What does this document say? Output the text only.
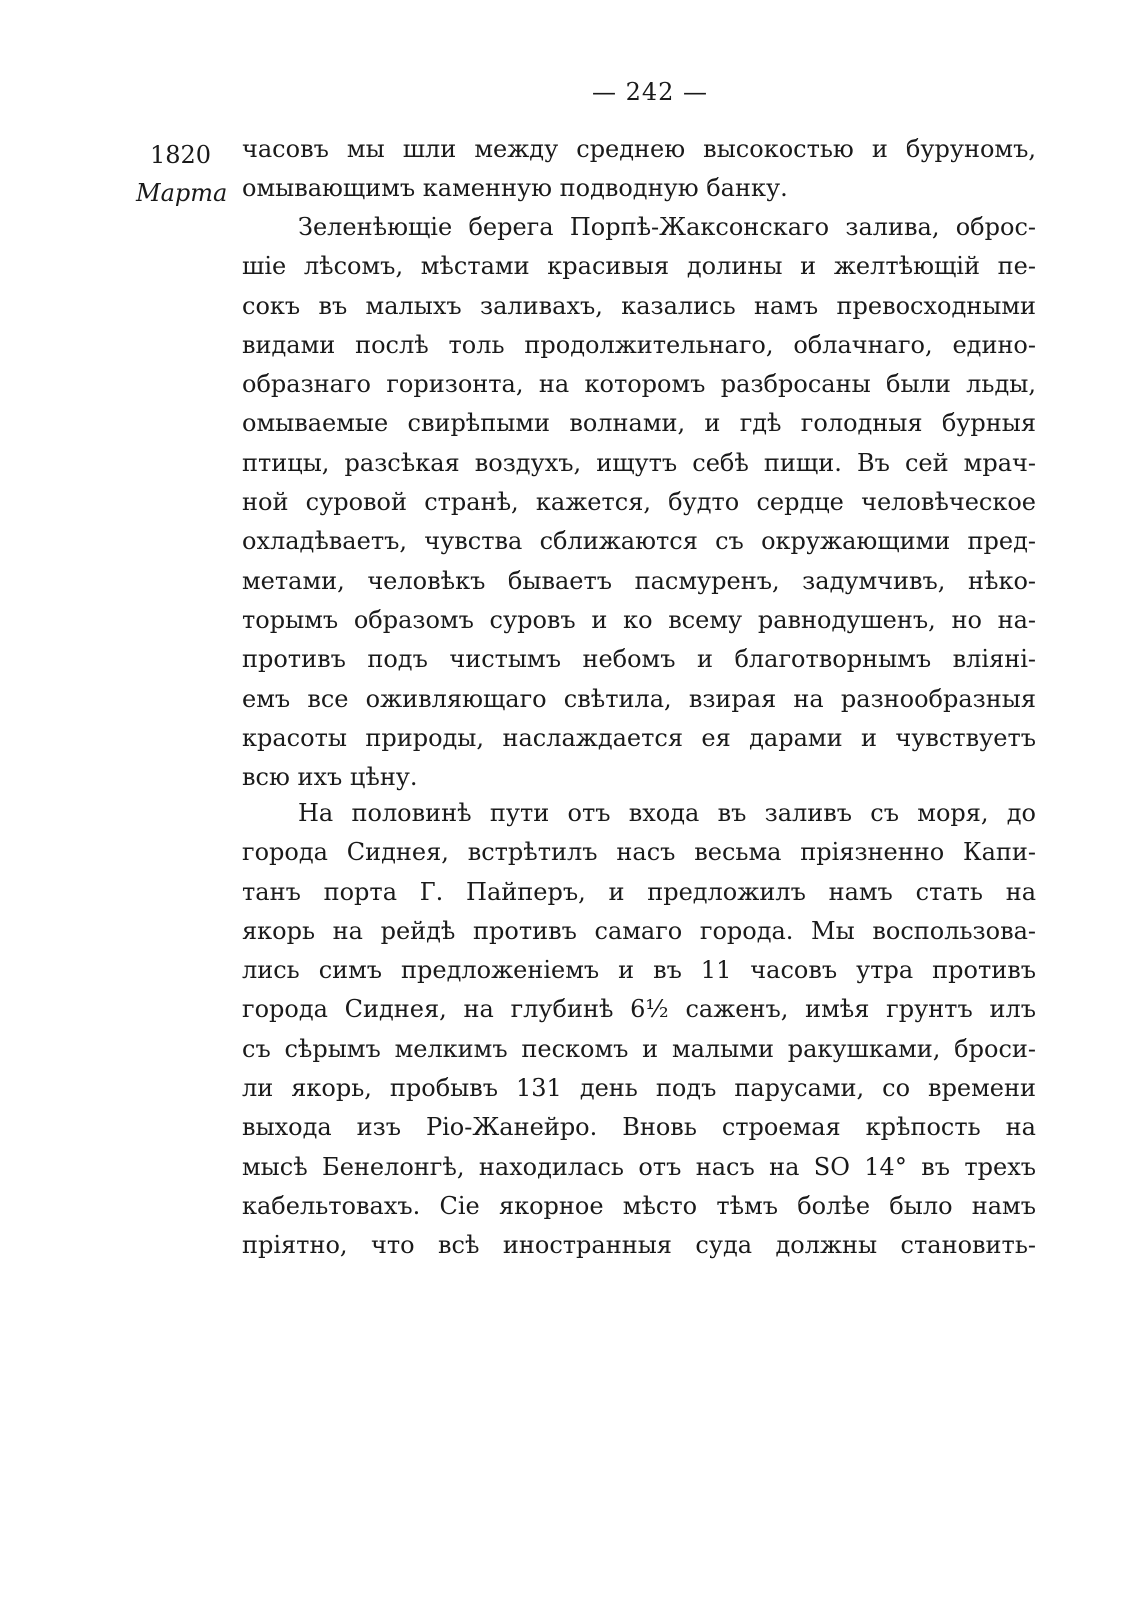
— 242 —
1820
Марта
часовъ мы шли между среднею высокостью и буруномъ,
омывающимъ каменную подводную банку.
Зеленѣющіе берега Порпѣ-Жаксонскаго залива, оброс-
шіе лѣсомъ, мѣстами красивыя долины и желтѣющій пе-
сокъ въ малыхъ заливахъ, казались намъ превосходными
видами послѣ толь продолжительнаго, облачнаго, едино-
образнаго горизонта, на которомъ разбросаны были льды,
омываемые свирѣпыми волнами, и гдѣ голодныя бурныя
птицы, разсѣкая воздухъ, ищутъ себѣ пищи. Въ сей мрач-
ной суровой странѣ, кажется, будто сердце человѣческое
охладѣваетъ, чувства сближаются съ окружающими пред-
метами, человѣкъ бываетъ пасмуренъ, задумчивъ, нѣко-
торымъ образомъ суровъ и ко всему равнодушенъ, но на-
противъ подъ чистымъ небомъ и благотворнымъ влiянi-
емъ все оживляющаго свѣтила, взирая на разнообразныя
красоты природы, наслаждается ея дарами и чувствуетъ
всю ихъ цѣну.
На половинѣ пути отъ входа въ заливъ съ моря, до
города Сиднея, встрѣтилъ насъ весьма прiязненно Капи-
танъ порта Г. Пайперъ, и предложилъ намъ стать на
якорь на рейдѣ противъ самаго города. Мы воспользова-
лись симъ предложенiемъ и въ 11 часовъ утра противъ
города Сиднея, на глубинѣ 6½ саженъ, имѣя грунтъ илъ
съ сѣрымъ мелкимъ пескомъ и малыми ракушками, броси-
ли якорь, пробывъ 131 день подъ парусами, со времени
выхода изъ Рiо-Жанейро. Вновь строемая крѣпость на
мысѣ Бенелонгѣ, находилась отъ насъ на SO 14° въ трехъ
кабельтовахъ. Сiе якорное мѣсто тѣмъ болѣе было намъ
прiятно, что всѣ иностранныя суда должны становить-
